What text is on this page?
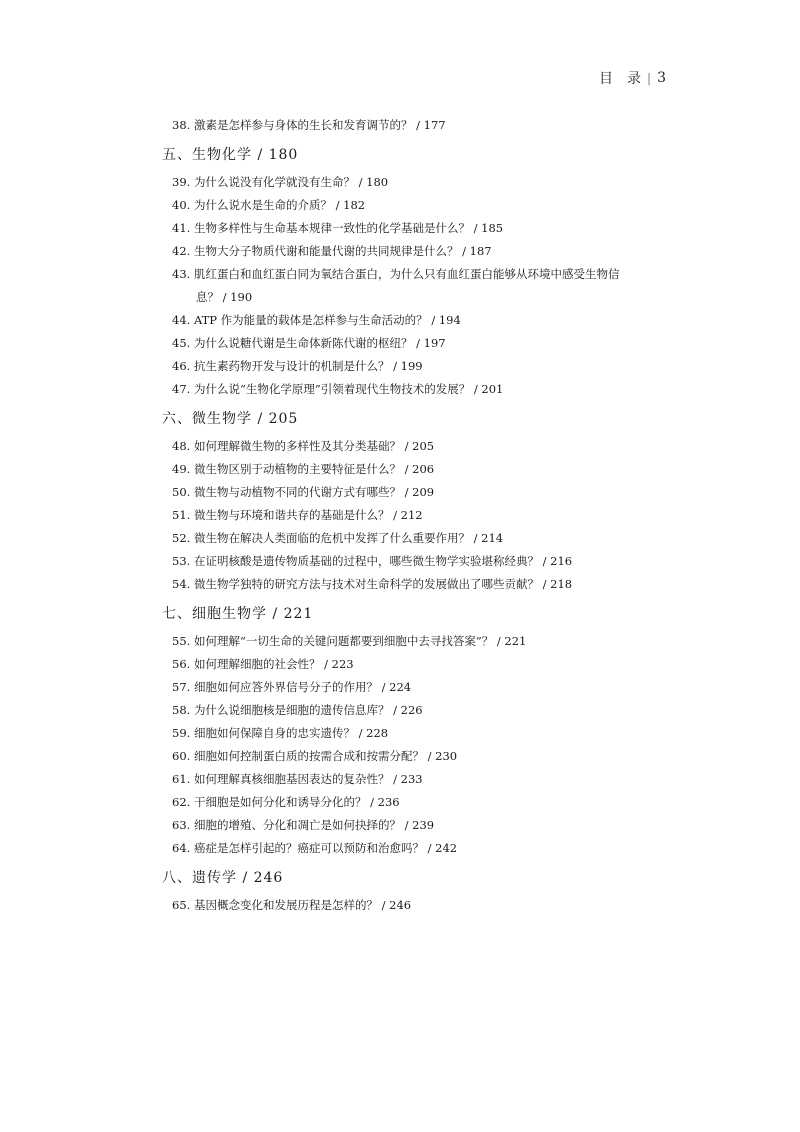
目　录 | 3
38. 激素是怎样参与身体的生长和发育调节的？ / 177
五、生物化学 / 180
39. 为什么说没有化学就没有生命？ / 180
40. 为什么说水是生命的介质？ / 182
41. 生物多样性与生命基本规律一致性的化学基础是什么？ / 185
42. 生物大分子物质代谢和能量代谢的共同规律是什么？ / 187
43. 肌红蛋白和血红蛋白同为氧结合蛋白，为什么只有血红蛋白能够从环境中感受生物信
息？ / 190
44. ATP 作为能量的载体是怎样参与生命活动的？ / 194
45. 为什么说糖代谢是生命体新陈代谢的枢纽？ / 197
46. 抗生素药物开发与设计的机制是什么？ / 199
47. 为什么说“生物化学原理”引领着现代生物技术的发展？ / 201
六、微生物学 / 205
48. 如何理解微生物的多样性及其分类基础？ / 205
49. 微生物区别于动植物的主要特征是什么？ / 206
50. 微生物与动植物不同的代谢方式有哪些？ / 209
51. 微生物与环境和谐共存的基础是什么？ / 212
52. 微生物在解决人类面临的危机中发挥了什么重要作用？ / 214
53. 在证明核酸是遗传物质基础的过程中，哪些微生物学实验堪称经典？ / 216
54. 微生物学独特的研究方法与技术对生命科学的发展做出了哪些贡献？ / 218
七、细胞生物学 / 221
55. 如何理解“一切生命的关键问题都要到细胞中去寻找答案”？ / 221
56. 如何理解细胞的社会性？ / 223
57. 细胞如何应答外界信号分子的作用？ / 224
58. 为什么说细胞核是细胞的遗传信息库？ / 226
59. 细胞如何保障自身的忠实遗传？ / 228
60. 细胞如何控制蛋白质的按需合成和按需分配？ / 230
61. 如何理解真核细胞基因表达的复杂性？ / 233
62. 干细胞是如何分化和诱导分化的？ / 236
63. 细胞的增殖、分化和凋亡是如何抉择的？ / 239
64. 癌症是怎样引起的？癌症可以预防和治愈吗？ / 242
八、遗传学 / 246
65. 基因概念变化和发展历程是怎样的？ / 246
